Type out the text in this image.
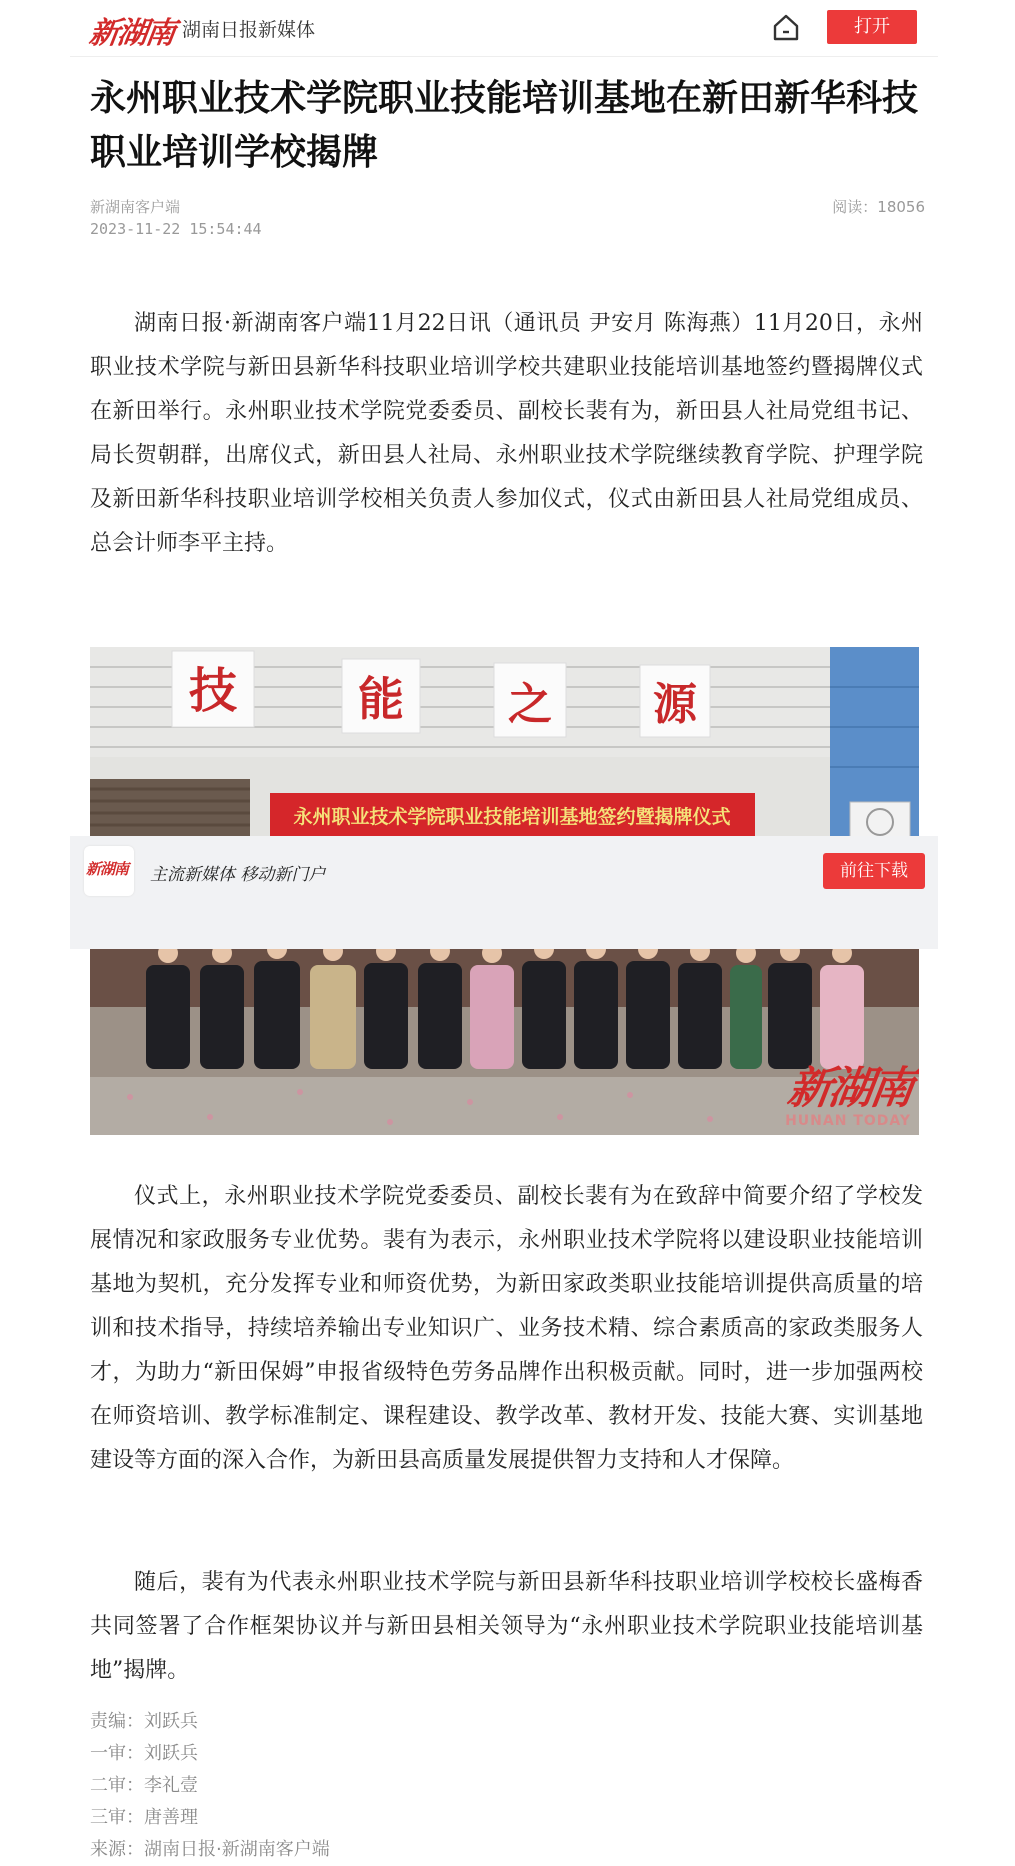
新湖南 湖南日报新媒体	打开
永州职业技术学院职业技能培训基地在新田新华科技职业培训学校揭牌
新湖南客户端
2023-11-22 15:54:44
阅读：18056

湖南日报·新湖南客户端11月22日讯（通讯员 尹安月 陈海燕）11月20日，永州职业技术学院与新田县新华科技职业培训学校共建职业技能培训基地签约暨揭牌仪式在新田举行。永州职业技术学院党委委员、副校长裴有为，新田县人社局党组书记、局长贺朝群，出席仪式，新田县人社局、永州职业技术学院继续教育学院、护理学院及新田新华科技职业培训学校相关负责人参加仪式，仪式由新田县人社局党组成员、总会计师李平主持。

技	能 之 源
永州职业技术学院职业技能培训基地签约暨揭牌仪式
新湖南
HUNAN TODAY
新湖南 主流新媒体 移动新门户	前往下载

仪式上，永州职业技术学院党委委员、副校长裴有为在致辞中简要介绍了学校发展情况和家政服务专业优势。裴有为表示，永州职业技术学院将以建设职业技能培训基地为契机，充分发挥专业和师资优势，为新田家政类职业技能培训提供高质量的培训和技术指导，持续培养输出专业知识广、业务技术精、综合素质高的家政类服务人才，为助力“新田保姆”申报省级特色劳务品牌作出积极贡献。同时，进一步加强两校在师资培训、教学标准制定、课程建设、教学改革、教材开发、技能大赛、实训基地建设等方面的深入合作，为新田县高质量发展提供智力支持和人才保障。

随后，裴有为代表永州职业技术学院与新田县新华科技职业培训学校校长盛梅香共同签署了合作框架协议并与新田县相关领导为“永州职业技术学院职业技能培训基地”揭牌。

责编：刘跃兵
一审：刘跃兵
二审：李礼壹
三审：唐善理
来源：湖南日报·新湖南客户端
